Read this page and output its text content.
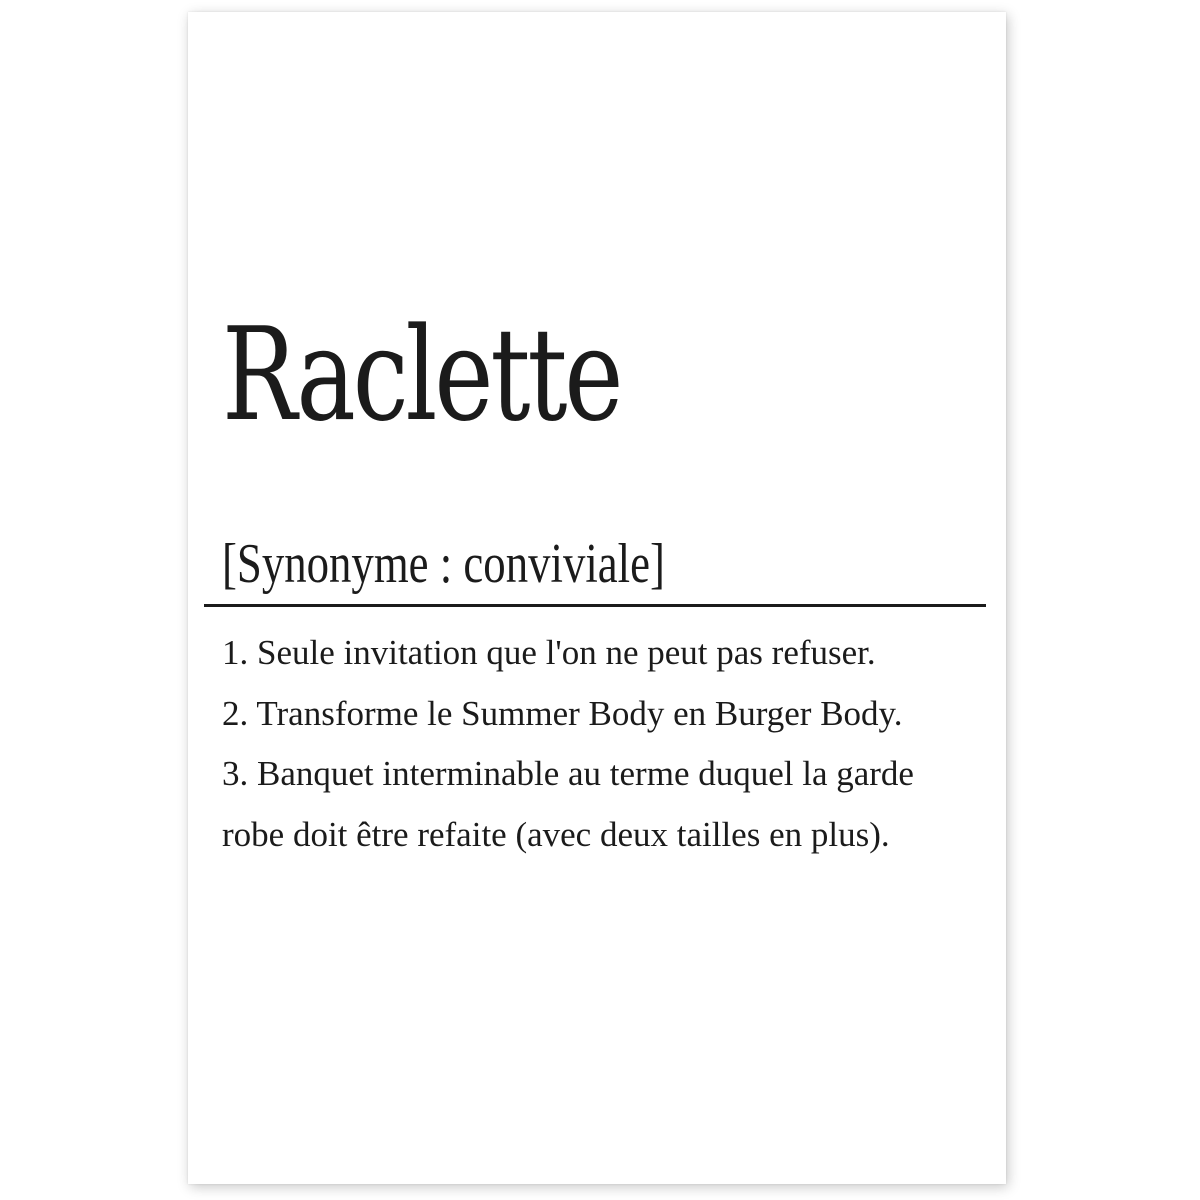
Raclette
[Synonyme : conviviale]

1. Seule invitation que l'on ne peut pas refuser.

2. Transforme le Summer Body en Burger Body.

3. Banquet interminable au terme duquel la garde robe doit être refaite (avec deux tailles en plus).
